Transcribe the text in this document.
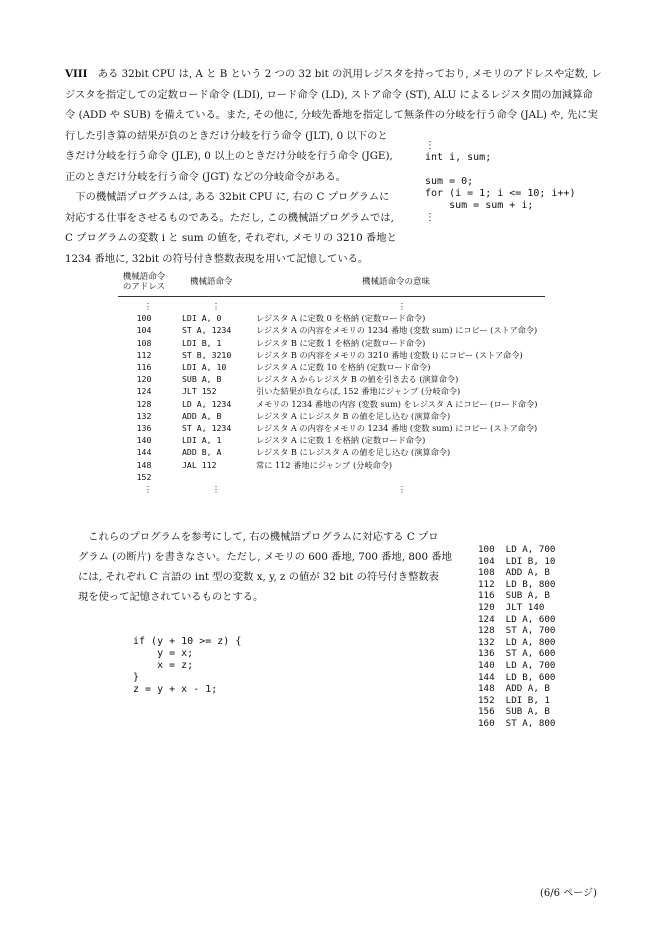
VIII　 ある 32bit CPU は, A と B という 2 つの 32 bit の汎用レジスタを持っており, メモリのアドレスや定数, レ

ジスタを指定しての定数ロード命令 (LDI), ロード命令 (LD), ストア命令 (ST), ALU によるレジスタ間の加減算命

令 (ADD や SUB) を備えている。また, その他に, 分岐先番地を指定して無条件の分岐を行う命令 (JAL) や, 先に実

行した引き算の結果が負のときだけ分岐を行う命令 (JLT), 0 以下のと

きだけ分岐を行う命令 (JLE), 0 以上のときだけ分岐を行う命令 (JGE),

正のときだけ分岐を行う命令 (JGT) などの分岐命令がある。

　下の機械語プログラムは, ある 32bit CPU に, 右の C プログラムに

対応する仕事をさせるものである。ただし, この機械語プログラムでは,

C プログラムの変数 i と sum の値を, それぞれ, メモリの 3210 番地と

1234 番地に, 32bit の符号付き整数表現を用いて記憶している。

⋮
int i, sum;

sum = 0;
for (i = 1; i <= 10; i++)
sum = sum + i;
⋮
機械語命令
のアドレス	機械語命令	機械語命令の意味
⋮	⋮	⋮
100	LDI A, 0	レジスタ A に定数 0 を格納 (定数ロード命令)
104	ST A, 1234	レジスタ A の内容をメモリの 1234 番地 (変数 sum) にコピー (ストア命令)
108	LDI B, 1	レジスタ B に定数 1 を格納 (定数ロード命令)
112	ST B, 3210	レジスタ B の内容をメモリの 3210 番地 (変数 i) にコピー (ストア命令)
116	LDI A, 10	レジスタ A に定数 10 を格納 (定数ロード命令)
120	SUB A, B	レジスタ A からレジスタ B の値を引き去る (演算命令)
124	JLT 152	引いた結果が負ならば, 152 番地にジャンプ (分岐命令)
128	LD A, 1234	メモリの 1234 番地の内容 (変数 sum) をレジスタ A にコピー (ロード命令)
132	ADD A, B	レジスタ A にレジスタ B の値を足し込む (演算命令)
136	ST A, 1234	レジスタ A の内容をメモリの 1234 番地 (変数 sum) にコピー (ストア命令)
140	LDI A, 1	レジスタ A に定数 1 を格納 (定数ロード命令)
144	ADD B, A	レジスタ B にレジスタ A の値を足し込む (演算命令)
148	JAL 112	常に 112 番地にジャンプ (分岐命令)
152
⋮	⋮	⋮

　これらのプログラムを参考にして, 右の機械語プログラムに対応する C プロ

グラム (の断片) を書きなさい。ただし, メモリの 600 番地, 700 番地, 800 番地

には, それぞれ C 言語の int 型の変数 x, y, z の値が 32 bit の符号付き整数表

現を使って記憶されているものとする。

if (y + 10 >= z) {
y = x;
x = z;
}
z = y + x - 1;
100  LD A, 700
104  LDI B, 10
108  ADD A, B
112  LD B, 800
116  SUB A, B
120  JLT 140
124  LD A, 600
128  ST A, 700
132  LD A, 800
136  ST A, 600
140  LD A, 700
144  LD B, 600
148  ADD A, B
152  LDI B, 1
156  SUB A, B
160  ST A, 800
(6/6 ページ)
